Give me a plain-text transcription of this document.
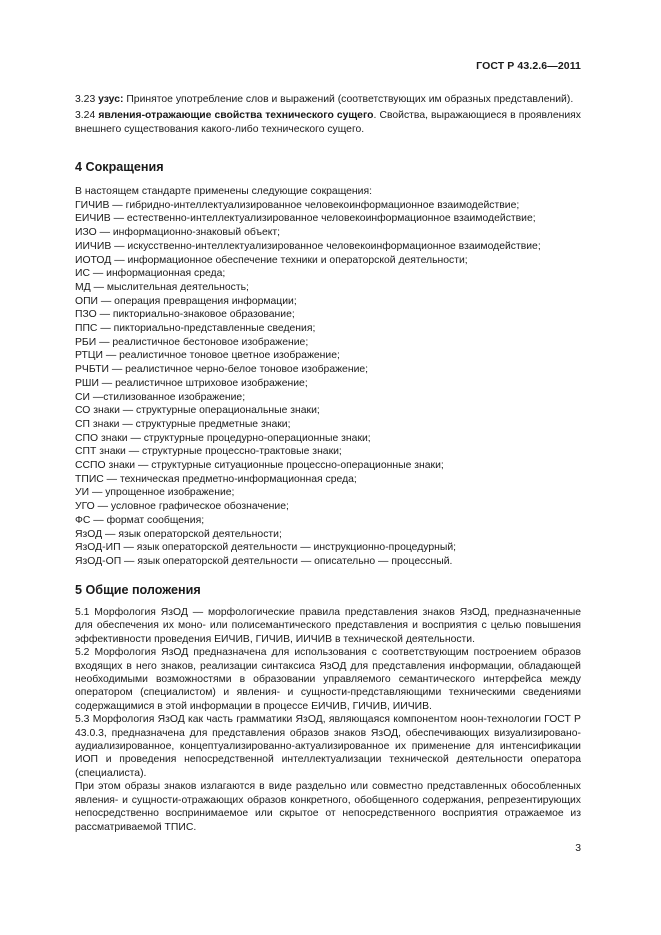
ГОСТ Р 43.2.6—2011

3.23 узус: Принятое употребление слов и выражений (соответствующих им образных представлений).

3.24 явления-отражающие свойства технического сущего. Свойства, выражающиеся в проявлениях внешнего существования какого-либо технического сущего.

4 Сокращения
В настоящем стандарте применены следующие сокращения:
ГИЧИВ — гибридно-интеллектуализированное человекоинформационное взаимодействие;
ЕИЧИВ — естественно-интеллектуализированное человекоинформационное взаимодействие;
ИЗО — информационно-знаковый объект;
ИИЧИВ — искусственно-интеллектуализированное человекоинформационное взаимодействие;
ИОТОД — информационное обеспечение техники и операторской деятельности;
ИС — информационная среда;
МД — мыслительная деятельность;
ОПИ — операция превращения информации;
ПЗО — пикториально-знаковое образование;
ППС — пикториально-представленные сведения;
РБИ — реалистичное бестоновое изображение;
РТЦИ — реалистичное тоновое цветное изображение;
РЧБТИ — реалистичное черно-белое тоновое изображение;
РШИ — реалистичное штриховое изображение;
СИ —стилизованное изображение;
СО знаки — структурные операциональные знаки;
СП знаки — структурные предметные знаки;
СПО знаки — структурные процедурно-операционные знаки;
СПТ знаки — структурные процессно-трактовые знаки;
ССПО знаки — структурные ситуационные процессно-операционные знаки;
ТПИС — техническая предметно-информационная среда;
УИ — упрощенное изображение;
УГО — условное графическое обозначение;
ФС — формат сообщения;
ЯзОД — язык операторской деятельности;
ЯзОД-ИП — язык операторской деятельности — инструкционно-процедурный;
ЯзОД-ОП — язык операторской деятельности — описательно — процессный.
5 Общие положения

5.1 Морфология ЯзОД — морфологические правила представления знаков ЯзОД, предназначенные для обеспечения их моно- или полисемантического представления и восприятия с целью повышения эффективности проведения ЕИЧИВ, ГИЧИВ, ИИЧИВ в технической деятельности.

5.2 Морфология ЯзОД предназначена для использования с соответствующим построением образов входящих в него знаков, реализации синтаксиса ЯзОД для представления информации, обладающей необходимыми возможностями в образовании управляемого семантического интерфейса между оператором (специалистом) и явления- и сущности-представляющими техническими сведениями содержащимися в этой информации в процессе ЕИЧИВ, ГИЧИВ, ИИЧИВ.

5.3 Морфология ЯзОД как часть грамматики ЯзОД, являющаяся компонентом ноон-технологии ГОСТ Р 43.0.3, предназначена для представления образов знаков ЯзОД, обеспечивающих визуализировано-аудиализированное, концептуализированно-актуализированное их применение для интенсификации ИОП и проведения непосредственной интеллектуализации технической деятельности оператора (специалиста).

При этом образы знаков излагаются в виде раздельно или совместно представленных обособленных явления- и сущности-отражающих образов конкретного, обобщенного содержания, репрезентирующих непосредственно воспринимаемое или скрытое от непосредственного восприятия отражаемое из рассматриваемой ТПИС.

3
